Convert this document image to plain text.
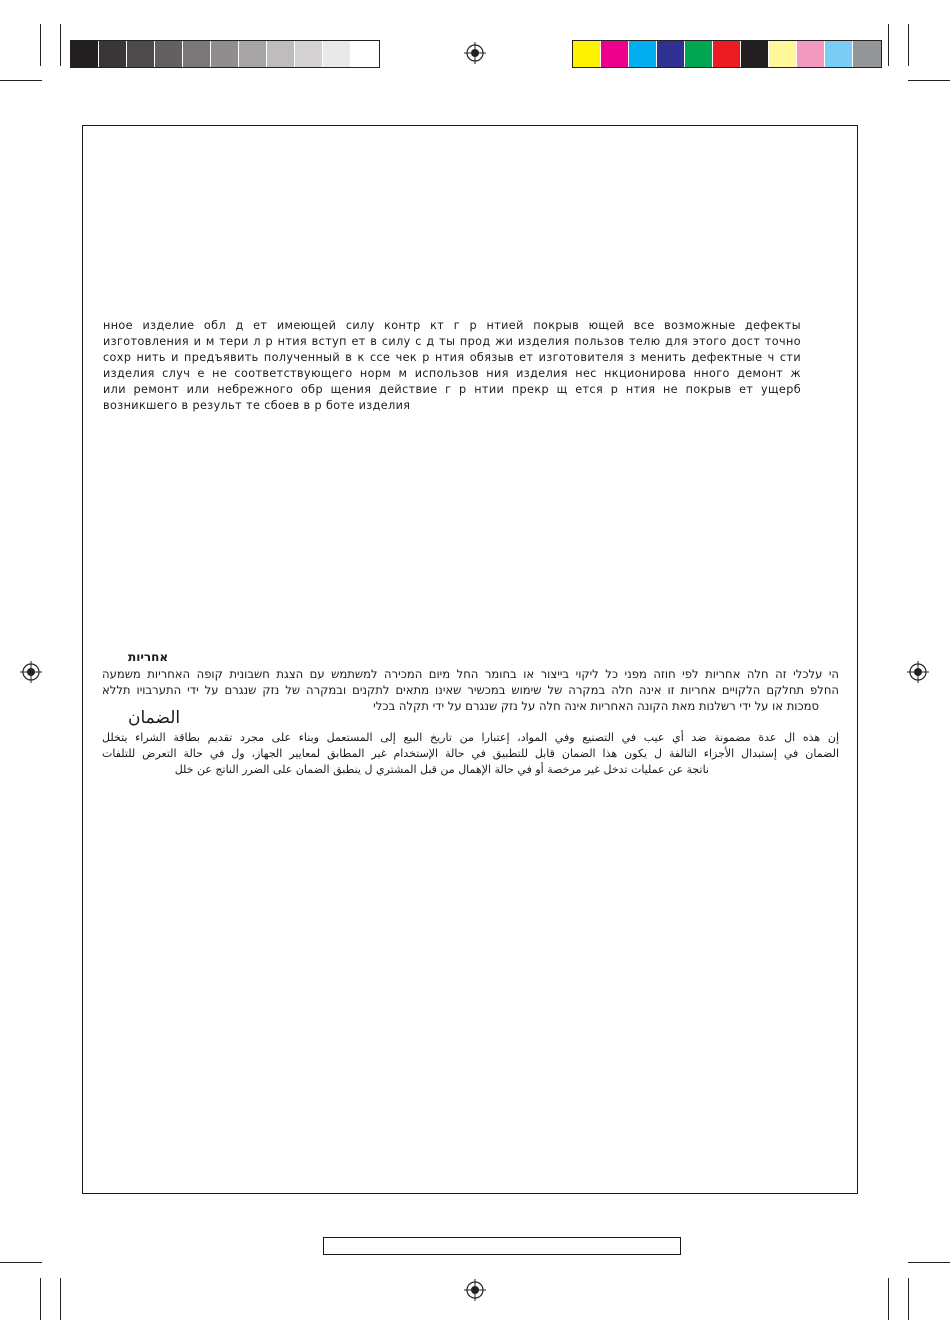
нное изделие обл д ет имеющей силу контр кт г р нтией покрыв ющей все возможные дефекты

изготовления и м тери л р нтия вступ ет в силу с д ты прод жи изделия пользов телю для этого дост точно

сохр нить и предъявить полученный в к ссе чек р нтия обязыв ет изготовителя з менить дефектные ч сти

изделия случ е не соответствующего норм м использов ния изделия нес нкционирова нного демонт ж

или ремонт или небрежного обр щения действие г р нтии прекр щ ется р нтия не покрыв ет ущерб

возникшего в результ те сбоев в р боте изделия

אחריות

הי עלכלי זה חלה אחריות לפי חוזה מפני כל ליקוי בייצור או בחומר החל מיום המכירה למשתמש עם הצגת חשבונית קופה האחריות משמעה

החלפ תחלקם הלקויים אחריות זו אינה חלה במקרה של שימוש במכשיר שאינו מתאים לתקנים ובמקרה של נזק שנגרם על ידי התערבויו תללא

סמכות או על ידי רשלנות מאת הקונה האחריות אינה חלה על נזק שנגרם על ידי תקלה בכלי

الضمان

إن هذه ال عدة مضمونة ضد أي عيب في التصنيع وفي المواد، إعتبارا من تاريخ البيع إلى المستعمل وبناء على مجرد تقديم بطاقة الشراء يتخلل

الضمان في إستبدال الأجزاء التالفة ل يكون هذا الضمان قابل للتطبيق في حالة الإستخدام غير المطابق لمعايير الجهاز، ول في حالة التعرض للتلفات

ناتجة عن عمليات تدخل غير مرخصة أو في حالة الإهمال من قبل المشتري ل ينطبق الضمان على الضرر الناتج عن خلل
